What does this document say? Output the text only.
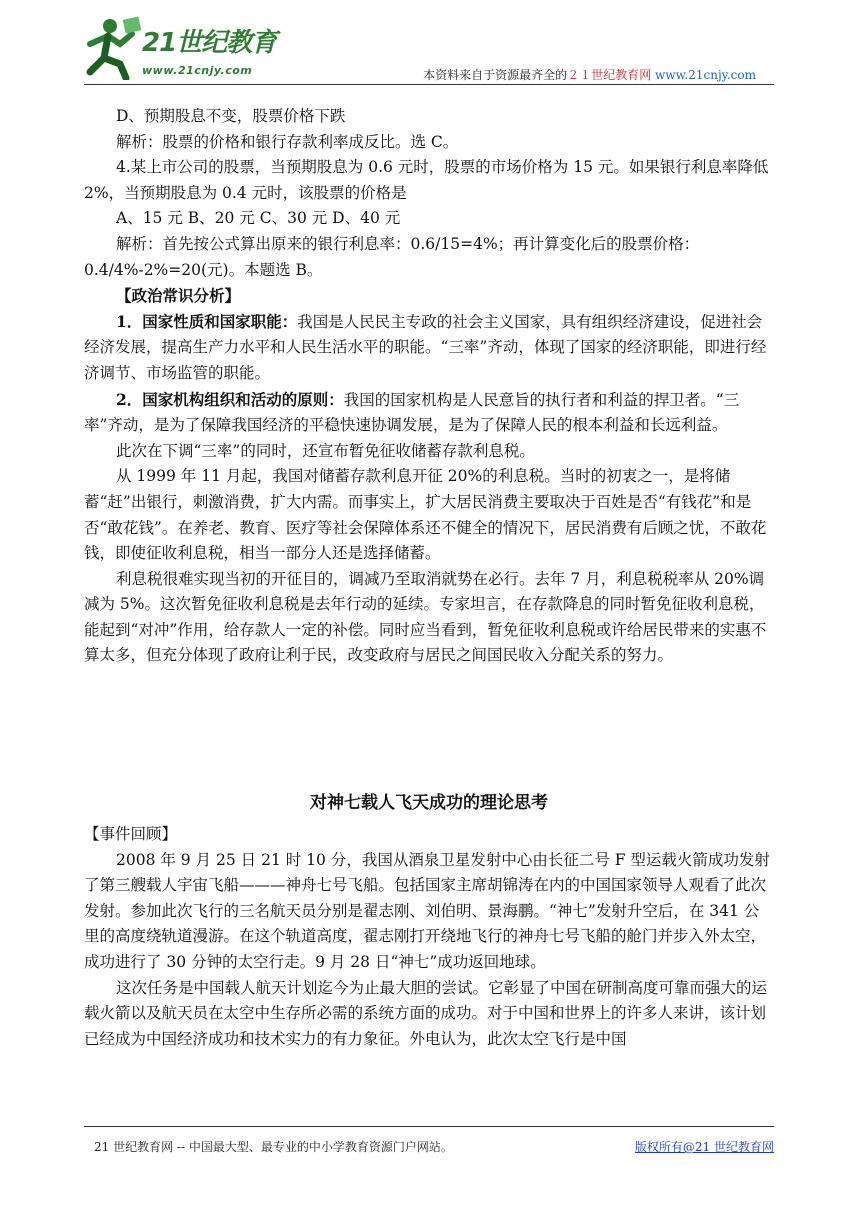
21世纪教育
www.21cnjy.com	本资料来自于资源最齐全的２１世纪教育网 www.21cnjy.com

D、预期股息不变，股票价格下跌

解析：股票的价格和银行存款利率成反比。选 C。

4.某上市公司的股票，当预期股息为 0.6 元时，股票的市场价格为 15 元。如果银行利息率降低 2%，当预期股息为 0.4 元时，该股票的价格是

A、15 元 B、20 元 C、30 元 D、40 元

解析：首先按公式算出原来的银行利息率：0.6/15=4%；再计算变化后的股票价格：0.4/4%-2%=20(元)。本题选 B。

【政治常识分析】

1．国家性质和国家职能：我国是人民民主专政的社会主义国家，具有组织经济建设，促进社会经济发展，提高生产力水平和人民生活水平的职能。“三率”齐动，体现了国家的经济职能，即进行经济调节、市场监管的职能。

2．国家机构组织和活动的原则：我国的国家机构是人民意旨的执行者和利益的捍卫者。“三率”齐动，是为了保障我国经济的平稳快速协调发展，是为了保障人民的根本利益和长远利益。

此次在下调“三率”的同时，还宣布暂免征收储蓄存款利息税。

从 1999 年 11 月起，我国对储蓄存款利息开征 20%的利息税。当时的初衷之一，是将储蓄“赶”出银行，刺激消费，扩大内需。而事实上，扩大居民消费主要取决于百姓是否“有钱花”和是否“敢花钱”。在养老、教育、医疗等社会保障体系还不健全的情况下，居民消费有后顾之忧，不敢花钱，即使征收利息税，相当一部分人还是选择储蓄。

利息税很难实现当初的开征目的，调减乃至取消就势在必行。去年 7 月，利息税税率从 20%调减为 5%。这次暂免征收利息税是去年行动的延续。专家坦言，在存款降息的同时暂免征收利息税，能起到“对冲”作用，给存款人一定的补偿。同时应当看到，暂免征收利息税或许给居民带来的实惠不算太多，但充分体现了政府让利于民，改变政府与居民之间国民收入分配关系的努力。

对神七载人飞天成功的理论思考

【事件回顾】

2008 年 9 月 25 日 21 时 10 分，我国从酒泉卫星发射中心由长征二号 F 型运载火箭成功发射了第三艘载人宇宙飞船———神舟七号飞船。包括国家主席胡锦涛在内的中国国家领导人观看了此次发射。参加此次飞行的三名航天员分别是翟志刚、刘伯明、景海鹏。“神七”发射升空后，在 341 公里的高度绕轨道漫游。在这个轨道高度，翟志刚打开绕地飞行的神舟七号飞船的舱门并步入外太空，成功进行了 30 分钟的太空行走。9 月 28 日“神七”成功返回地球。

这次任务是中国载人航天计划迄今为止最大胆的尝试。它彰显了中国在研制高度可靠而强大的运载火箭以及航天员在太空中生存所必需的系统方面的成功。对于中国和世界上的许多人来讲，该计划已经成为中国经济成功和技术实力的有力象征。外电认为，此次太空飞行是中国

21 世纪教育网 -- 中国最大型、最专业的中小学教育资源门户网站。	版权所有@21 世纪教育网
